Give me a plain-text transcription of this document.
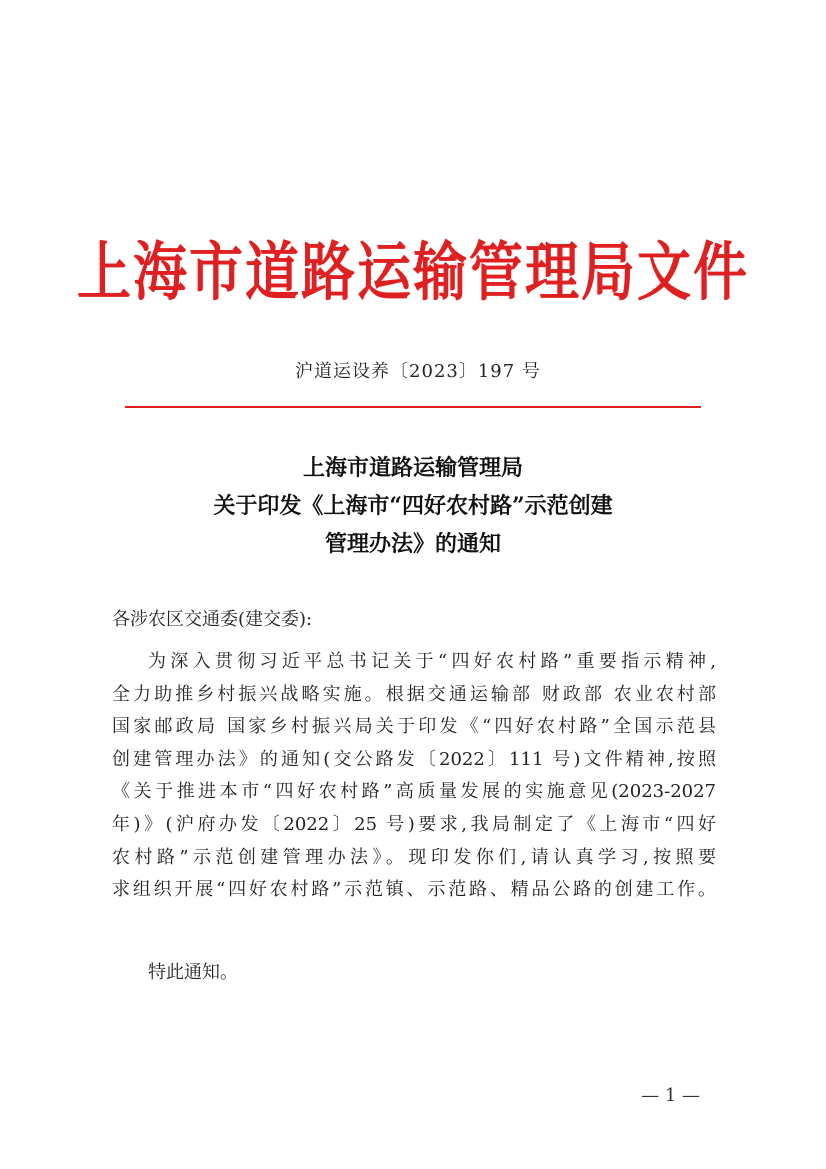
上海市道路运输管理局文件
沪道运设养〔2023〕197 号
上海市道路运输管理局
关于印发《上海市“四好农村路”示范创建
管理办法》的通知
各涉农区交通委(建交委):
为深入贯彻习近平总书记关于“四好农村路”重要指示精神,
全力助推乡村振兴战略实施。根据交通运输部 财政部 农业农村部
国家邮政局 国家乡村振兴局关于印发《“四好农村路”全国示范县
创建管理办法》的通知(交公路发〔2022〕111 号)文件精神,按照
《关于推进本市“四好农村路”高质量发展的实施意见(2023-2027
年)》(沪府办发〔2022〕25 号)要求,我局制定了《上海市“四好
农村路”示范创建管理办法》。现印发你们,请认真学习,按照要
求组织开展“四好农村路”示范镇、示范路、精品公路的创建工作。
特此通知。
— 1 —
